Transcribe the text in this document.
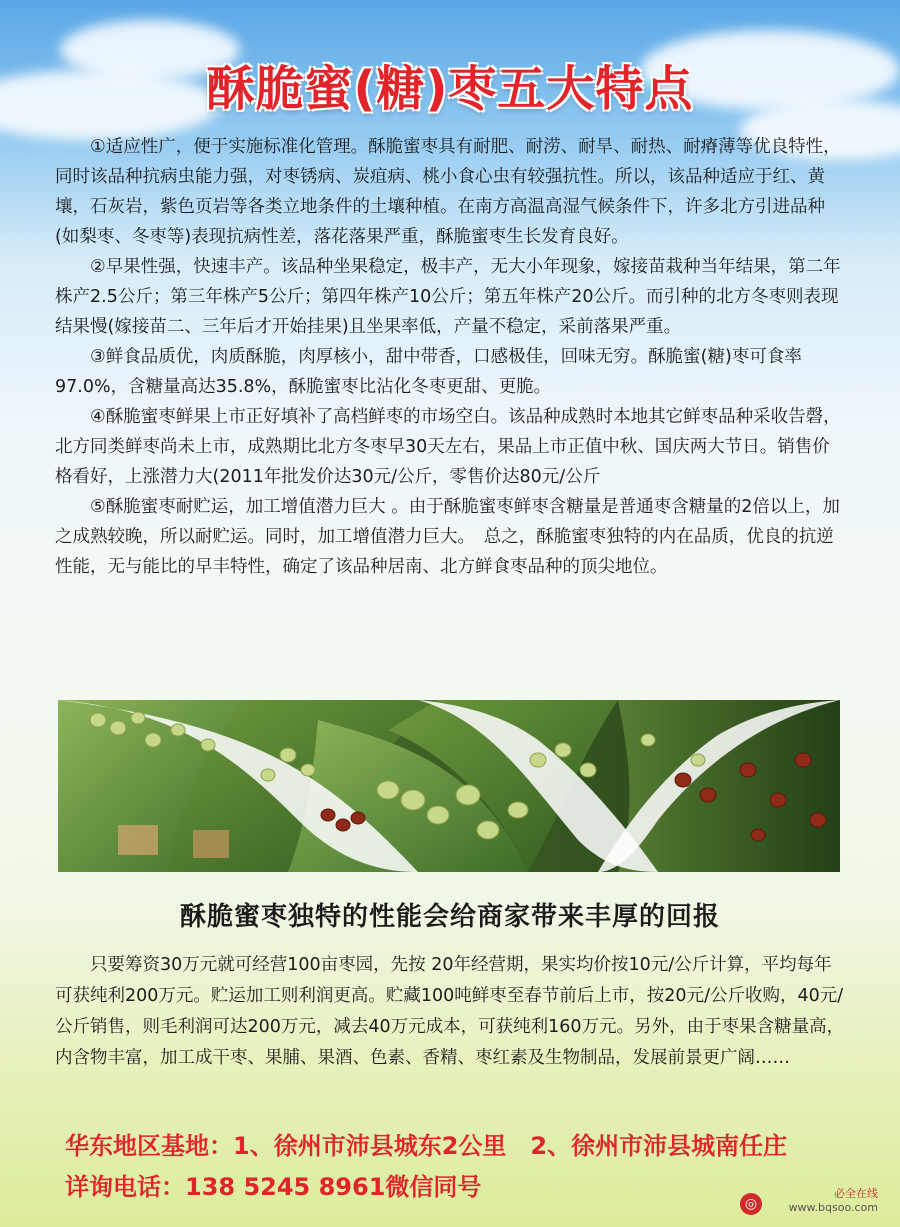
酥脆蜜(糖)枣五大特点

①适应性广，便于实施标准化管理。酥脆蜜枣具有耐肥、耐涝、耐旱、耐热、耐瘠薄等优良特性，同时该品种抗病虫能力强，对枣锈病、炭疽病、桃小食心虫有较强抗性。所以，该品种适应于红、黄壤，石灰岩，紫色页岩等各类立地条件的土壤种植。在南方高温高湿气候条件下，许多北方引进品种(如梨枣、冬枣等)表现抗病性差，落花落果严重，酥脆蜜枣生长发育良好。

②早果性强，快速丰产。该品种坐果稳定，极丰产，无大小年现象，嫁接苗栽种当年结果，第二年株产2.5公斤；第三年株产5公斤；第四年株产10公斤；第五年株产20公斤。而引种的北方冬枣则表现结果慢(嫁接苗二、三年后才开始挂果)且坐果率低，产量不稳定，采前落果严重。

③鲜食品质优，肉质酥脆，肉厚核小，甜中带香，口感极佳，回味无穷。酥脆蜜(糖)枣可食率97.0%，含糖量高达35.8%，酥脆蜜枣比沾化冬枣更甜、更脆。

④酥脆蜜枣鲜果上市正好填补了高档鲜枣的市场空白。该品种成熟时本地其它鲜枣品种采收告磬，北方同类鲜枣尚未上市，成熟期比北方冬枣早30天左右，果品上市正值中秋、国庆两大节日。销售价格看好，上涨潜力大(2011年批发价达30元/公斤，零售价达80元/公斤

⑤酥脆蜜枣耐贮运，加工增值潜力巨大 。由于酥脆蜜枣鲜枣含糖量是普通枣含糖量的2倍以上，加之成熟较晚，所以耐贮运。同时，加工增值潜力巨大。　总之，酥脆蜜枣独特的内在品质，优良的抗逆性能，无与能比的早丰特性，确定了该品种居南、北方鲜食枣品种的顶尖地位。

酥脆蜜枣独特的性能会给商家带来丰厚的回报

只要筹资30万元就可经营100亩枣园，先按 20年经营期，果实均价按10元/公斤计算，平均每年可获纯利200万元。贮运加工则利润更高。贮藏100吨鲜枣至春节前后上市，按20元/公斤收购，40元/公斤销售，则毛利润可达200万元，减去40万元成本，可获纯利160万元。另外，由于枣果含糖量高，内含物丰富，加工成干枣、果脯、果酒、色素、香精、枣红素及生物制品，发展前景更广阔……

华东地区基地：1、徐州市沛县城东2公里　2、徐州市沛县城南任庄
详询电话：138 5245 8961微信同号
◎
必全在线
www.bqsoo.com
